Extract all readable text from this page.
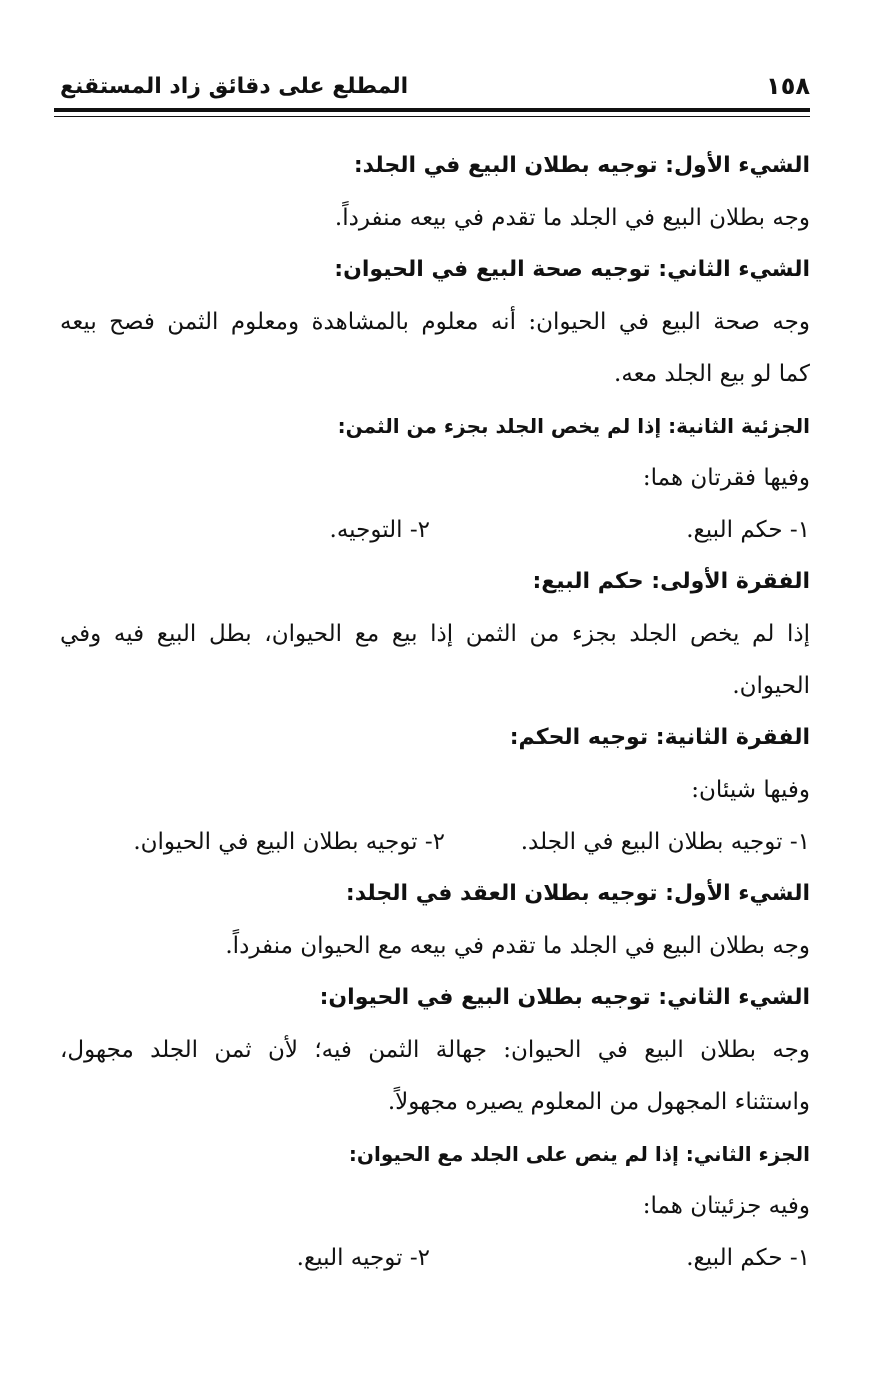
١٥٨
المطلع على دقائق زاد المستقنع
الشيء الأول: توجيه بطلان البيع في الجلد:
وجه بطلان البيع في الجلد ما تقدم في بيعه منفرداً.
الشيء الثاني: توجيه صحة البيع في الحيوان:
وجه صحة البيع في الحيوان: أنه معلوم بالمشاهدة ومعلوم الثمن فصح بيعه
كما لو بيع الجلد معه.
الجزئية الثانية: إذا لم يخص الجلد بجزء من الثمن:
وفيها فقرتان هما:
١- حكم البيع.
٢- التوجيه.
الفقرة الأولى: حكم البيع:
إذا لم يخص الجلد بجزء من الثمن إذا بيع مع الحيوان، بطل البيع فيه وفي
الحيوان.
الفقرة الثانية: توجيه الحكم:
وفيها شيئان:
١- توجيه بطلان البيع في الجلد.
٢- توجيه بطلان البيع في الحيوان.
الشيء الأول: توجيه بطلان العقد في الجلد:
وجه بطلان البيع في الجلد ما تقدم في بيعه مع الحيوان منفرداً.
الشيء الثاني: توجيه بطلان البيع في الحيوان:
وجه بطلان البيع في الحيوان: جهالة الثمن فيه؛ لأن ثمن الجلد مجهول،
واستثناء المجهول من المعلوم يصيره مجهولاً.
الجزء الثاني: إذا لم ينص على الجلد مع الحيوان:
وفيه جزئيتان هما:
١- حكم البيع.
٢- توجيه البيع.
